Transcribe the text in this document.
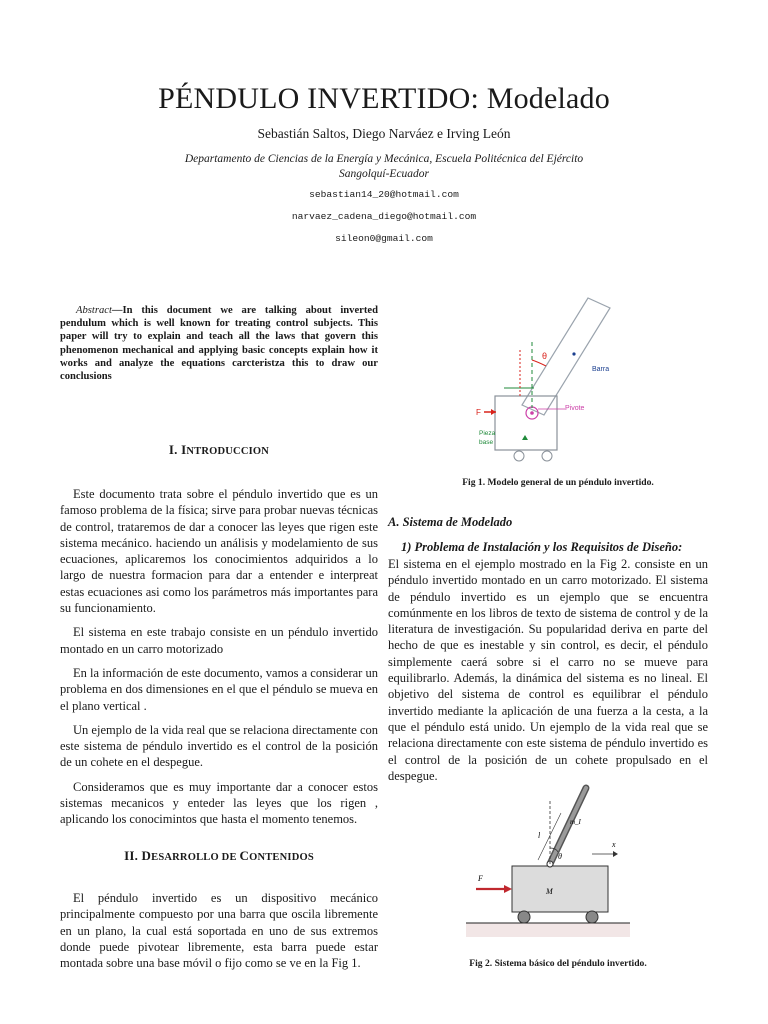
PÉNDULO INVERTIDO: Modelado
Sebastián Saltos, Diego Narváez e Irving León
Departamento de Ciencias de la Energía y Mecánica, Escuela Politécnica del Ejército
Sangolquí-Ecuador
sebastian14_20@hotmail.com
narvaez_cadena_diego@hotmail.com
sileon0@gmail.com
Abstract—In this document we are talking about inverted pendulum which is well known for treating control subjects. This paper will try to explain and teach all the laws that govern this phenomenon mechanical and applying basic concepts explain how it works and analyze the equations carcteristza this to draw our conclusions
I. INTRODUCCION

Este documento trata sobre el péndulo invertido que es un famoso problema de la física; sirve para probar nuevas técnicas de control, trataremos de dar a conocer las leyes que rigen este sistema mecánico. haciendo un análisis y modelamiento de sus ecuaciones, aplicaremos los conocimientos adquiridos a lo largo de nuestra formacion para dar a entender e interpreat estas ecuaciones asi como los parámetros más importantes para su funcionamiento.

El sistema en este trabajo consiste en un péndulo invertido montado en un carro motorizado

En la información de este documento, vamos a considerar un problema en dos dimensiones en el que el péndulo se mueva en el plano vertical .

Un ejemplo de la vida real que se relaciona directamente con este sistema de péndulo invertido es el control de la posición de un cohete en el despegue.

Consideramos que es muy importante dar a conocer estos sistemas mecanicos y enteder las leyes que los rigen , aplicando los conocimintos que hasta el momento tenemos.

II. DESARROLLO DE CONTENIDOS

El péndulo invertido es un dispositivo mecánico principalmente compuesto por una barra que oscila libremente en un plano, la cual está soportada en uno de sus extremos donde puede pivotear libremente, esta barra puede estar montada sobre una base móvil o fijo como se ve en la Fig 1.

θ
Barra
Pivote
F
Pieza
base
Fig 1. Modelo general de un péndulo invertido.
A. Sistema de Modelado
1) Problema de Instalación y los Requisitos de Diseño:

El sistema en el ejemplo mostrado en la Fig 2. consiste en un péndulo invertido montado en un carro motorizado. El sistema de péndulo invertido es un ejemplo que se encuentra comúnmente en los libros de texto de sistema de control y de la literatura de investigación. Su popularidad deriva en parte del hecho de que es inestable y sin control, es decir, el péndulo simplemente caerá sobre si el carro no se mueve para equilibrarlo. Además, la dinámica del sistema es no lineal. El objetivo del sistema de control es equilibrar el péndulo invertido mediante la aplicación de una fuerza a la cesta, a la que el péndulo está unido. Un ejemplo de la vida real que se relaciona directamente con este sistema de péndulo invertido es el control de la posición de un cohete propulsado en el despegue.

θ
l
m_I
x
F
M
Fig 2. Sistema básico del péndulo invertido.
